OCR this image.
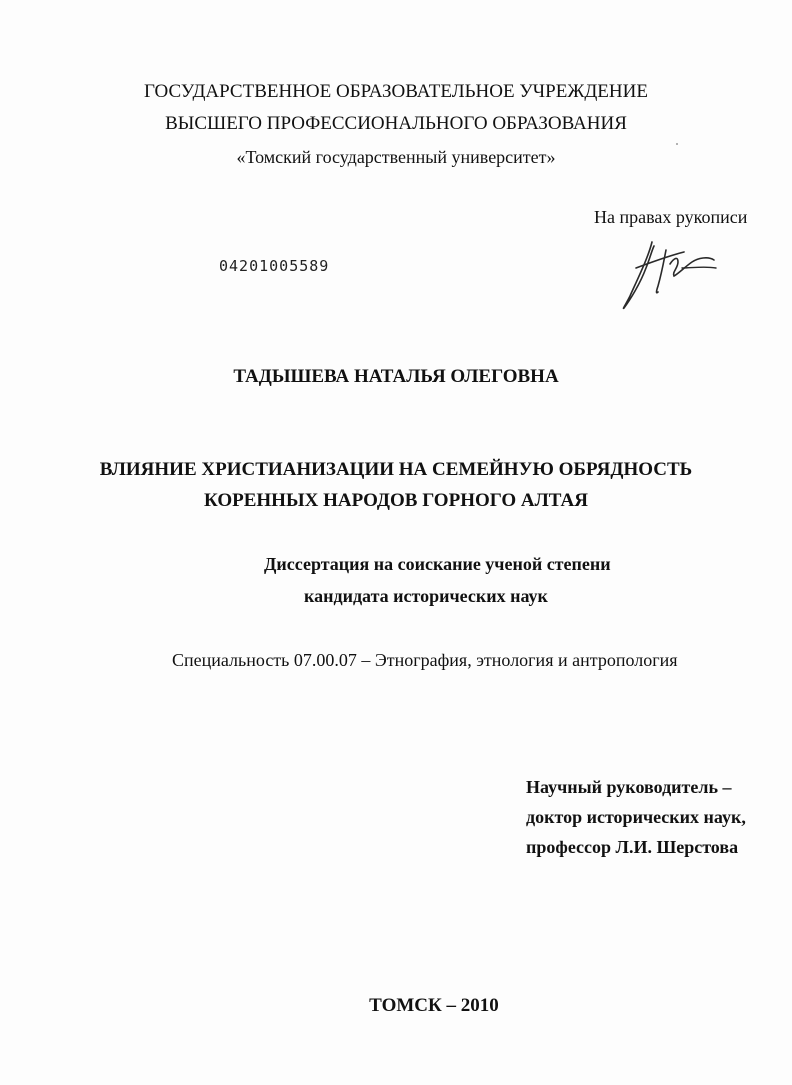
ГОСУДАРСТВЕННОЕ ОБРАЗОВАТЕЛЬНОЕ УЧРЕЖДЕНИЕ
ВЫСШЕГО ПРОФЕССИОНАЛЬНОГО ОБРАЗОВАНИЯ
«Томский государственный университет»
На правах рукописи
04201005589
ТАДЫШЕВА НАТАЛЬЯ ОЛЕГОВНА
ВЛИЯНИЕ ХРИСТИАНИЗАЦИИ НА СЕМЕЙНУЮ ОБРЯДНОСТЬ
КОРЕННЫХ НАРОДОВ ГОРНОГО АЛТАЯ
Диссертация на соискание ученой степени
кандидата исторических наук
Специальность 07.00.07 – Этнография, этнология и антропология
Научный руководитель –
доктор исторических наук,
профессор Л.И. Шерстова
ТОМСК – 2010
